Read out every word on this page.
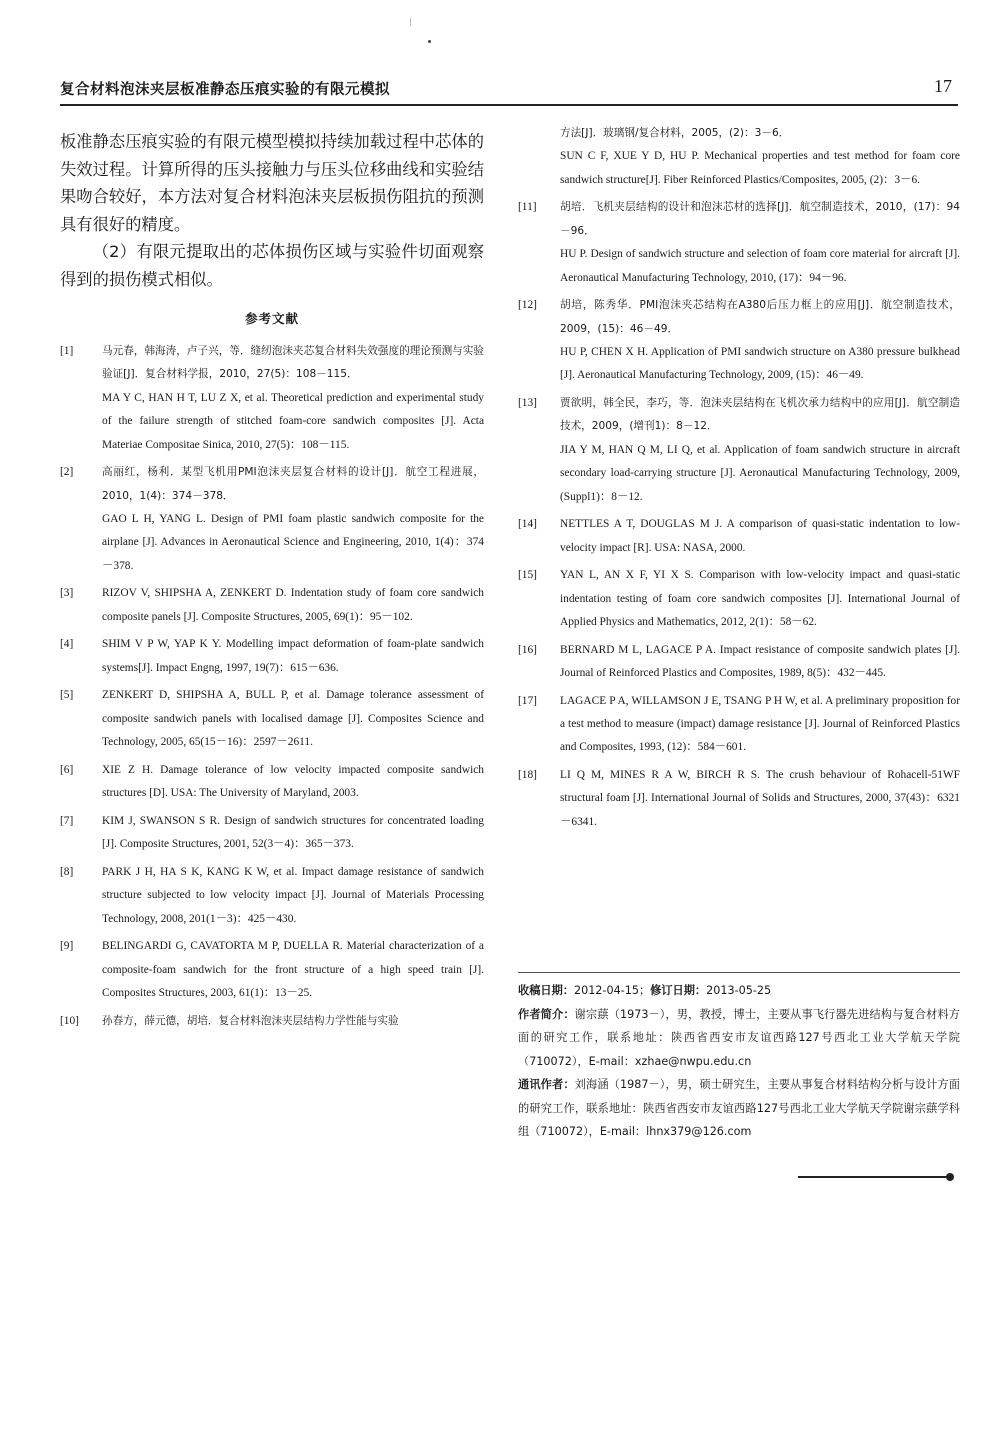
复合材料泡沫夹层板准静态压痕实验的有限元模拟	17

板准静态压痕实验的有限元模型模拟持续加载过程中芯体的失效过程。计算所得的压头接触力与压头位移曲线和实验结果吻合较好，本方法对复合材料泡沫夹层板损伤阻抗的预测具有很好的精度。

（2）有限元提取出的芯体损伤区域与实验件切面观察得到的损伤模式相似。

参考文献
[1]	马元春，韩海涛，卢子兴，等．缝纫泡沫夹芯复合材料失效强度的理论预测与实验验证[J]．复合材料学报，2010，27(5)：108－115．
MA Y C, HAN H T, LU Z X, et al. Theoretical prediction and experimental study of the failure strength of stitched foam-core sandwich composites [J]. Acta Materiae Compositae Sinica, 2010, 27(5)：108－115.
[2]	高丽红，杨利．某型飞机用PMI泡沫夹层复合材料的设计[J]．航空工程进展，2010，1(4)：374－378．
GAO L H, YANG L. Design of PMI foam plastic sandwich composite for the airplane [J]. Advances in Aeronautical Science and Engineering, 2010, 1(4)：374－378.
[3]	RIZOV V, SHIPSHA A, ZENKERT D. Indentation study of foam core sandwich composite panels [J]. Composite Structures, 2005, 69(1)：95－102.
[4]	SHIM V P W, YAP K Y. Modelling impact deformation of foam-plate sandwich systems[J]. Impact Engng, 1997, 19(7)：615－636.
[5]	ZENKERT D, SHIPSHA A, BULL P, et al. Damage tolerance assessment of composite sandwich panels with localised damage [J]. Composites Science and Technology, 2005, 65(15－16)：2597－2611.
[6]	XIE Z H. Damage tolerance of low velocity impacted composite sandwich structures [D]. USA: The University of Maryland, 2003.
[7]	KIM J, SWANSON S R. Design of sandwich structures for concentrated loading [J]. Composite Structures, 2001, 52(3－4)：365－373.
[8]	PARK J H, HA S K, KANG K W, et al. Impact damage resistance of sandwich structure subjected to low velocity impact [J]. Journal of Materials Processing Technology, 2008, 201(1－3)：425－430.
[9]	BELINGARDI G, CAVATORTA M P, DUELLA R. Material characterization of a composite-foam sandwich for the front structure of a high speed train [J]. Composites Structures, 2003, 61(1)：13－25.
[10]	孙春方，薛元德，胡培．复合材料泡沫夹层结构力学性能与实验
方法[J]．玻璃钢/复合材料，2005，(2)：3－6．
SUN C F, XUE Y D, HU P. Mechanical properties and test method for foam core sandwich structure[J]. Fiber Reinforced Plastics/Composites, 2005, (2)：3－6.
[11]	胡培．飞机夹层结构的设计和泡沫芯材的选择[J]．航空制造技术，2010，(17)：94－96．
HU P. Design of sandwich structure and selection of foam core material for aircraft [J]. Aeronautical Manufacturing Technology, 2010, (17)：94－96.
[12]	胡培，陈秀华．PMI泡沫夹芯结构在A380后压力框上的应用[J]．航空制造技术，2009，(15)：46－49．
HU P, CHEN X H. Application of PMI sandwich structure on A380 pressure bulkhead [J]. Aeronautical Manufacturing Technology, 2009, (15)：46－49.
[13]	贾欲明，韩全民，李巧，等．泡沫夹层结构在飞机次承力结构中的应用[J]．航空制造技术，2009，(增刊1)：8－12．
JIA Y M, HAN Q M, LI Q, et al. Application of foam sandwich structure in aircraft secondary load-carrying structure [J]. Aeronautical Manufacturing Technology, 2009, (Suppl1)：8－12.
[14]	NETTLES A T, DOUGLAS M J. A comparison of quasi-static indentation to low-velocity impact [R]. USA: NASA, 2000.
[15]	YAN L, AN X F, YI X S. Comparison with low-velocity impact and quasi-static indentation testing of foam core sandwich composites [J]. International Journal of Applied Physics and Mathematics, 2012, 2(1)：58－62.
[16]	BERNARD M L, LAGACE P A. Impact resistance of composite sandwich plates [J]. Journal of Reinforced Plastics and Composites, 1989, 8(5)：432－445.
[17]	LAGACE P A, WILLAMSON J E, TSANG P H W, et al. A preliminary proposition for a test method to measure (impact) damage resistance [J]. Journal of Reinforced Plastics and Composites, 1993, (12)：584－601.
[18]	LI Q M, MINES R A W, BIRCH R S. The crush behaviour of Rohacell-51WF structural foam [J]. International Journal of Solids and Structures, 2000, 37(43)：6321－6341.

收稿日期：2012-04-15；修订日期：2013-05-25

作者简介：谢宗蕻（1973－），男，教授，博士，主要从事飞行器先进结构与复合材料方面的研究工作，联系地址：陕西省西安市友谊西路127号西北工业大学航天学院（710072），E-mail：xzhae@nwpu.edu.cn

通讯作者：刘海涵（1987－），男，硕士研究生，主要从事复合材料结构分析与设计方面的研究工作，联系地址：陕西省西安市友谊西路127号西北工业大学航天学院谢宗蕻学科组（710072），E-mail：lhnx379@126.com
